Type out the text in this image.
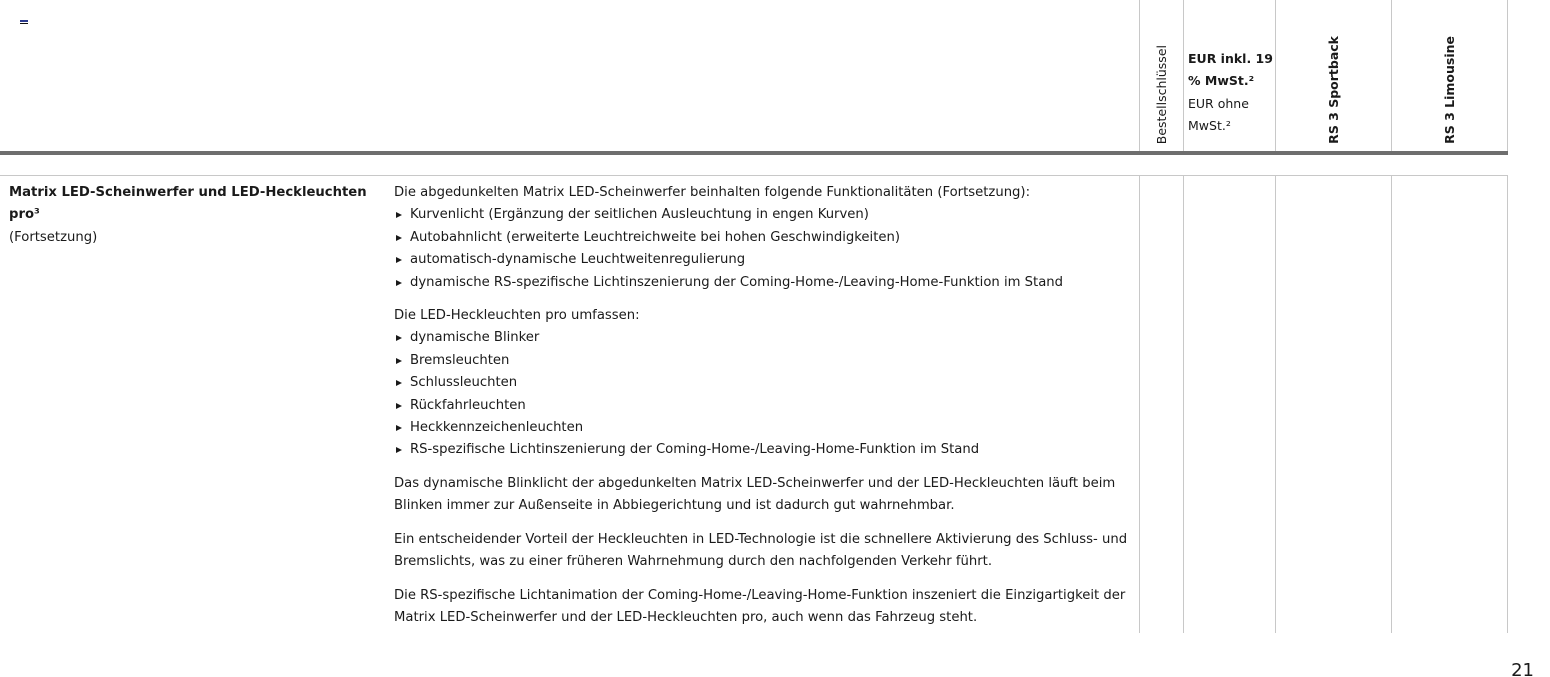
Bestellschlüssel EUR inkl. 19 % MwSt.²
EUR ohne MwSt.²	RS 3 Sportback	RS 3 Limousine
Matrix LED-Scheinwerfer und LED-Heckleuchten pro³
(Fortsetzung)

Die abgedunkelten Matrix LED-Scheinwerfer beinhalten folgende Funktionalitäten (Fortsetzung):

Kurvenlicht (Ergänzung der seitlichen Ausleuchtung in engen Kurven)
Autobahnlicht (erweiterte Leuchtreichweite bei hohen Geschwindigkeiten)
automatisch-dynamische Leuchtweitenregulierung
dynamische RS-spezifische Lichtinszenierung der Coming-Home-/Leaving-Home-Funktion im Stand

Die LED-Heckleuchten pro umfassen:

dynamische Blinker
Bremsleuchten
Schlussleuchten
Rückfahrleuchten
Heckkennzeichenleuchten
RS-spezifische Lichtinszenierung der Coming-Home-/Leaving-Home-Funktion im Stand

Das dynamische Blinklicht der abgedunkelten Matrix LED-Scheinwerfer und der LED-Heckleuchten läuft beim Blinken immer zur Außenseite in Abbiegerichtung und ist dadurch gut wahrnehmbar.

Ein entscheidender Vorteil der Heckleuchten in LED-Technologie ist die schnellere Aktivierung des Schluss- und Bremslichts, was zu einer früheren Wahrnehmung durch den nachfolgenden Verkehr führt.

Die RS-spezifische Lichtanimation der Coming-Home-/Leaving-Home-Funktion inszeniert die Einzigartigkeit der Matrix LED-Scheinwerfer und der LED-Heckleuchten pro, auch wenn das Fahrzeug steht.

21
